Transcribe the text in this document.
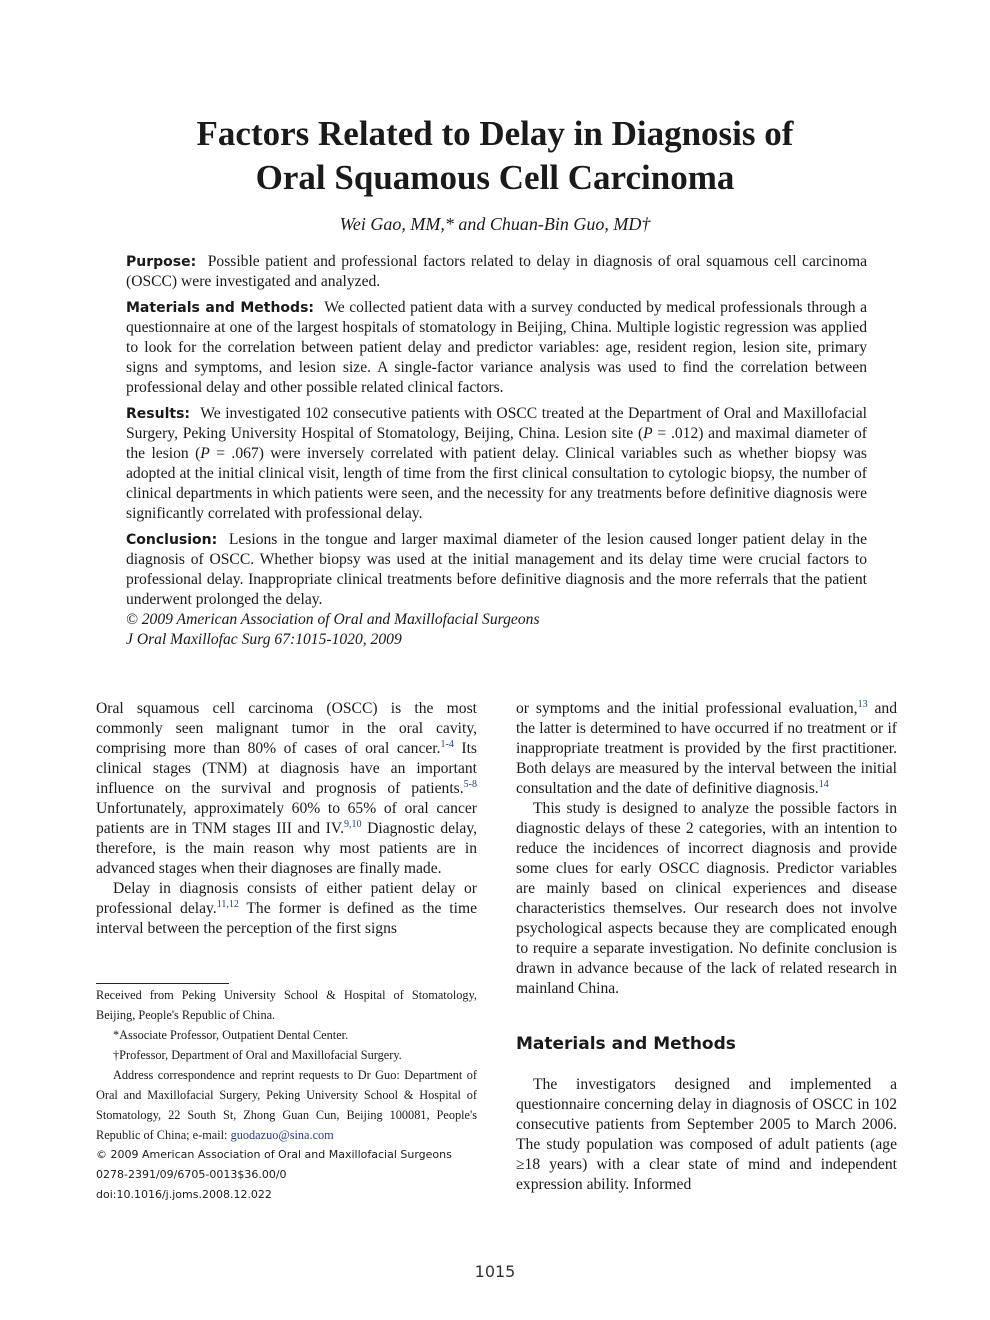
Factors Related to Delay in Diagnosis of
Oral Squamous Cell Carcinoma
Wei Gao, MM,* and Chuan-Bin Guo, MD†

Purpose: Possible patient and professional factors related to delay in diagnosis of oral squamous cell carcinoma (OSCC) were investigated and analyzed.

Materials and Methods: We collected patient data with a survey conducted by medical professionals through a questionnaire at one of the largest hospitals of stomatology in Beijing, China. Multiple logistic regression was applied to look for the correlation between patient delay and predictor variables: age, resident region, lesion site, primary signs and symptoms, and lesion size. A single-factor variance analysis was used to find the correlation between professional delay and other possible related clinical factors.

Results: We investigated 102 consecutive patients with OSCC treated at the Department of Oral and Maxillofacial Surgery, Peking University Hospital of Stomatology, Beijing, China. Lesion site (P = .012) and maximal diameter of the lesion (P = .067) were inversely correlated with patient delay. Clinical variables such as whether biopsy was adopted at the initial clinical visit, length of time from the first clinical consultation to cytologic biopsy, the number of clinical departments in which patients were seen, and the necessity for any treatments before definitive diagnosis were significantly correlated with professional delay.

Conclusion: Lesions in the tongue and larger maximal diameter of the lesion caused longer patient delay in the diagnosis of OSCC. Whether biopsy was used at the initial management and its delay time were crucial factors to professional delay. Inappropriate clinical treatments before definitive diagnosis and the more referrals that the patient underwent prolonged the delay.

© 2009 American Association of Oral and Maxillofacial Surgeons

J Oral Maxillofac Surg 67:1015-1020, 2009

Oral squamous cell carcinoma (OSCC) is the most commonly seen malignant tumor in the oral cavity, comprising more than 80% of cases of oral cancer.$^{1-4}$ Its clinical stages (TNM) at diagnosis have an important influence on the survival and prognosis of patients.$^{5-8}$ Unfortunately, approximately 60% to 65% of oral cancer patients are in TNM stages III and IV.$^{9,10}$ Diagnostic delay, therefore, is the main reason why most patients are in advanced stages when their diagnoses are finally made.

Delay in diagnosis consists of either patient delay or professional delay.$^{11,12}$ The former is defined as the time interval between the perception of the first signs

Received from Peking University School & Hospital of Stomatology, Beijing, People's Republic of China.

*Associate Professor, Outpatient Dental Center.

†Professor, Department of Oral and Maxillofacial Surgery.

Address correspondence and reprint requests to Dr Guo: Department of Oral and Maxillofacial Surgery, Peking University School & Hospital of Stomatology, 22 South St, Zhong Guan Cun, Beijing 100081, People's Republic of China; e-mail: guodazuo@sina.com

© 2009 American Association of Oral and Maxillofacial Surgeons

0278-2391/09/6705-0013$36.00/0

doi:10.1016/j.joms.2008.12.022

or symptoms and the initial professional evaluation,$^{13}$ and the latter is determined to have occurred if no treatment or if inappropriate treatment is provided by the first practitioner. Both delays are measured by the interval between the initial consultation and the date of definitive diagnosis.$^{14}$

This study is designed to analyze the possible factors in diagnostic delays of these 2 categories, with an intention to reduce the incidences of incorrect diagnosis and provide some clues for early OSCC diagnosis. Predictor variables are mainly based on clinical experiences and disease characteristics themselves. Our research does not involve psychological aspects because they are complicated enough to require a separate investigation. No definite conclusion is drawn in advance because of the lack of related research in mainland China.

Materials and Methods

The investigators designed and implemented a questionnaire concerning delay in diagnosis of OSCC in 102 consecutive patients from September 2005 to March 2006. The study population was composed of adult patients (age ≥18 years) with a clear state of mind and independent expression ability. Informed

1015
